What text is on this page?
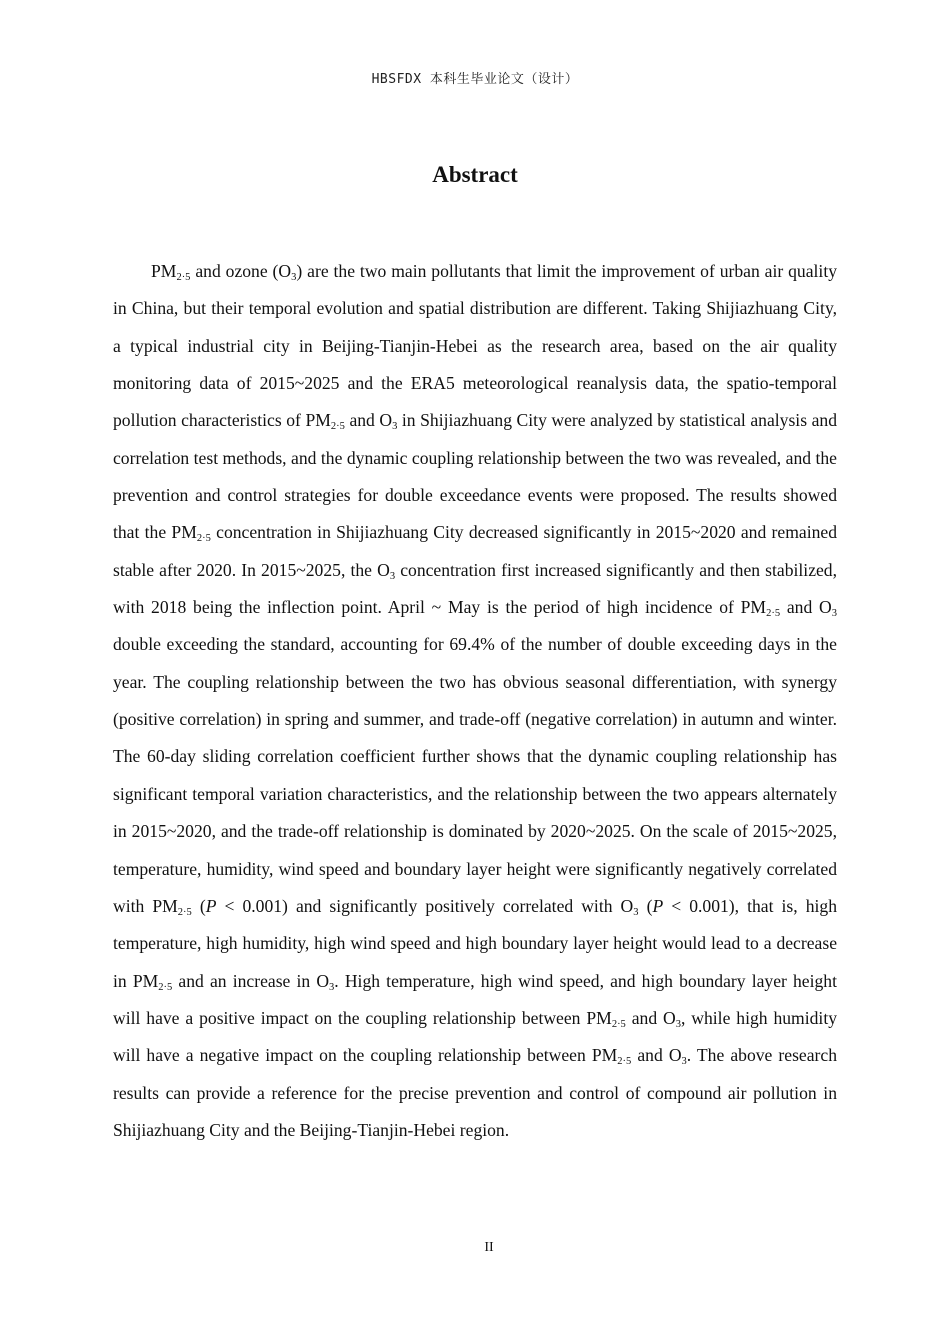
HBSFDX 本科生毕业论文（设计）
Abstract

$PM_{2\cdot 5}$ and ozone $(O_3)$ are the two main pollutants that limit the improvement of urban air quality in China, but their temporal evolution and spatial distribution are different. Taking Shijiazhuang City, a typical industrial city in Beijing-Tianjin-Hebei as the research area, based on the air quality monitoring data of 2015~2025 and the ERA5 meteorological reanalysis data, the spatio-temporal pollution characteristics of $PM_{2\cdot 5}$ and $O_3$ in Shijiazhuang City were analyzed by statistical analysis and correlation test methods, and the dynamic coupling relationship between the two was revealed, and the prevention and control strategies for double exceedance events were proposed. The results showed that the $PM_{2\cdot 5}$ concentration in Shijiazhuang City decreased significantly in 2015~2020 and remained stable after 2020. In 2015~2025, the $O_3$ concentration first increased significantly and then stabilized, with 2018 being the inflection point. April ~ May is the period of high incidence of $PM_{2\cdot 5}$ and $O_3$ double exceeding the standard, accounting for 69.4% of the number of double exceeding days in the year. The coupling relationship between the two has obvious seasonal differentiation, with synergy (positive correlation) in spring and summer, and trade-off (negative correlation) in autumn and winter. The 60-day sliding correlation coefficient further shows that the dynamic coupling relationship has significant temporal variation characteristics, and the relationship between the two appears alternately in 2015~2020, and the trade-off relationship is dominated by 2020~2025. On the scale of 2015~2025, temperature, humidity, wind speed and boundary layer height were significantly negatively correlated with $PM_{2\cdot 5}$ (P < 0.001) and significantly positively correlated with $O_3$ (P < 0.001), that is, high temperature, high humidity, high wind speed and high boundary layer height would lead to a decrease in $PM_{2\cdot 5}$ and an increase in $O_3$. High temperature, high wind speed, and high boundary layer height will have a positive impact on the coupling relationship between $PM_{2\cdot 5}$ and $O_3$, while high humidity will have a negative impact on the coupling relationship between $PM_{2\cdot 5}$ and $O_3$. The above research results can provide a reference for the precise prevention and control of compound air pollution in Shijiazhuang City and the Beijing-Tianjin-Hebei region.

II
